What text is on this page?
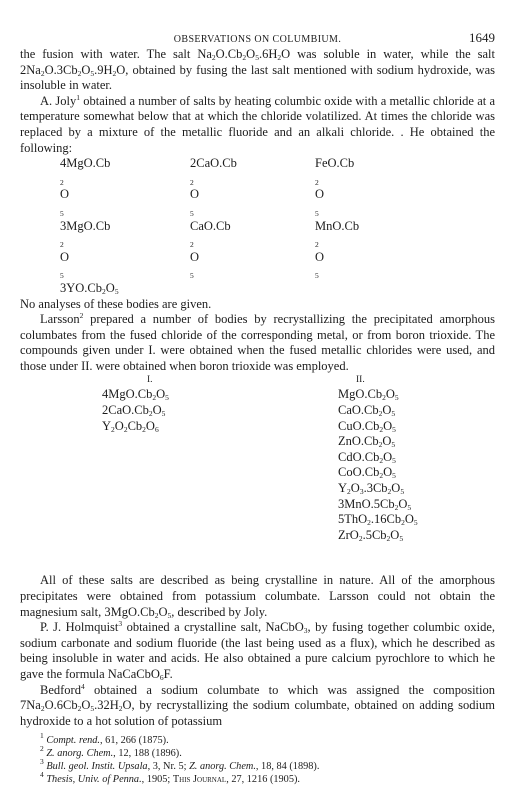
OBSERVATIONS ON COLUMBIUM.	1649

the fusion with water. The salt $Na_2O.Cb_2O_5.6H_2O$ was soluble in water, while the salt $2Na_2O.3Cb_2O_5.9H_2O$, obtained by fusing the last salt mentioned with sodium hydroxide, was insoluble in water.

A. Joly$^1$ obtained a number of salts by heating columbic oxide with a metallic chloride at a temperature somewhat below that at which the chloride volatilized. At times the chloride was replaced by a mixture of the metallic fluoride and an alkali chloride. . He obtained the following:

4MgO.Cb
$_2$
O
$_5$
2CaO.Cb
$_2$
O
$_5$
FeO.Cb
$_2$
O
$_5$
3MgO.Cb
$_2$
O
$_5$
CaO.Cb
$_2$
O
$_5$
MnO.Cb
$_2$
O
$_5$
$3YO.Cb_2O_5$

No analyses of these bodies are given.

Larsson$^2$ prepared a number of bodies by recrystallizing the precipitated amorphous columbates from the fused chloride of the corresponding metal, or from boron trioxide. The compounds given under I. were obtained when the fused metallic chlorides were used, and those under II. were obtained when boron trioxide was employed.

I.
$4MgO.Cb_2O_5$
$2CaO.Cb_2O_5$
$Y_2O_2Cb_2O_6$
II.
$MgO.Cb_2O_5$
$CaO.Cb_2O_5$
$CuO.Cb_2O_5$
$ZnO.Cb_2O_5$
$CdO.Cb_2O_5$
$CoO.Cb_2O_5$
$Y_2O_3.3Cb_2O_5$
$3MnO.5Cb_2O_5$
$5ThO_2.16Cb_2O_5$
$ZrO_2.5Cb_2O_5$

All of these salts are described as being crystalline in nature. All of the amorphous precipitates were obtained from potassium columbate. Larsson could not obtain the magnesium salt, $3MgO.Cb_2O_5$, described by Joly.

P. J. Holmquist$^3$ obtained a crystalline salt, NaCbO$_3$, by fusing together columbic oxide, sodium carbonate and sodium fluoride (the last being used as a flux), which he described as being insoluble in water and acids. He also obtained a pure calcium pyrochlore to which he gave the formula NaCaCbO$_6$F.

Bedford$^4$ obtained a sodium columbate to which was assigned the composition $7Na_2O.6Cb_2O_5.32H_2O$, by recrystallizing the sodium columbate, obtained on adding sodium hydroxide to a hot solution of potassium

$^1$ Compt. rend., 61, 266 (1875).
$^2$ Z. anorg. Chem., 12, 188 (1896).
$^3$ Bull. geol. Instit. Upsala, 3, Nr. 5; Z. anorg. Chem., 18, 84 (1898).
$^4$ Thesis, Univ. of Penna., 1905; This Journal, 27, 1216 (1905).
